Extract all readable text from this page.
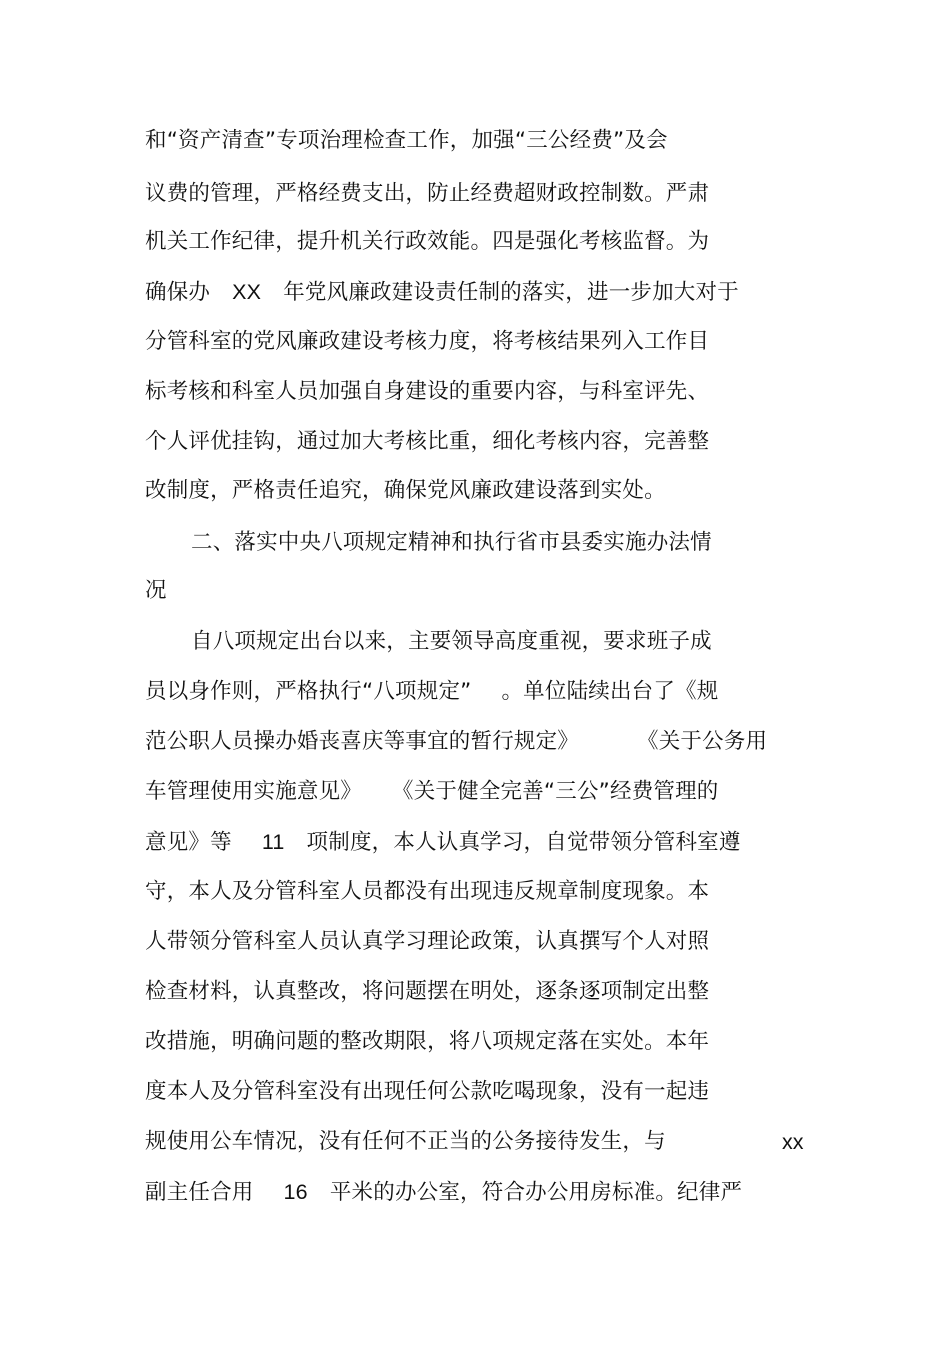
和“资产清查”专项治理检查工作，加强“三公经费”及会
议费的管理，严格经费支出，防止经费超财政控制数。严肃
机关工作纪律，提升机关行政效能。四是强化考核监督。为
确保办 XX 年党风廉政建设责任制的落实，进一步加大对于
分管科室的党风廉政建设考核力度，将考核结果列入工作目
标考核和科室人员加强自身建设的重要内容，与科室评先、
个人评优挂钩，通过加大考核比重，细化考核内容，完善整
改制度，严格责任追究，确保党风廉政建设落到实处。
二、落实中央八项规定精神和执行省市县委实施办法情
况
自八项规定出台以来，主要领导高度重视，要求班子成
员以身作则，严格执行“八项规定” 。单位陆续出台了《规
范公职人员操办婚丧喜庆等事宜的暂行规定》	《关于公务用
车管理使用实施意见》 《关于健全完善“三公”经费管理的
意见》等 11 项制度，本人认真学习，自觉带领分管科室遵
守，本人及分管科室人员都没有出现违反规章制度现象。本
人带领分管科室人员认真学习理论政策，认真撰写个人对照
检查材料，认真整改，将问题摆在明处，逐条逐项制定出整
改措施，明确问题的整改期限，将八项规定落在实处。本年
度本人及分管科室没有出现任何公款吃喝现象，没有一起违
规使用公车情况，没有任何不正当的公务接待发生，与	xx
副主任合用 16 平米的办公室，符合办公用房标准。纪律严
